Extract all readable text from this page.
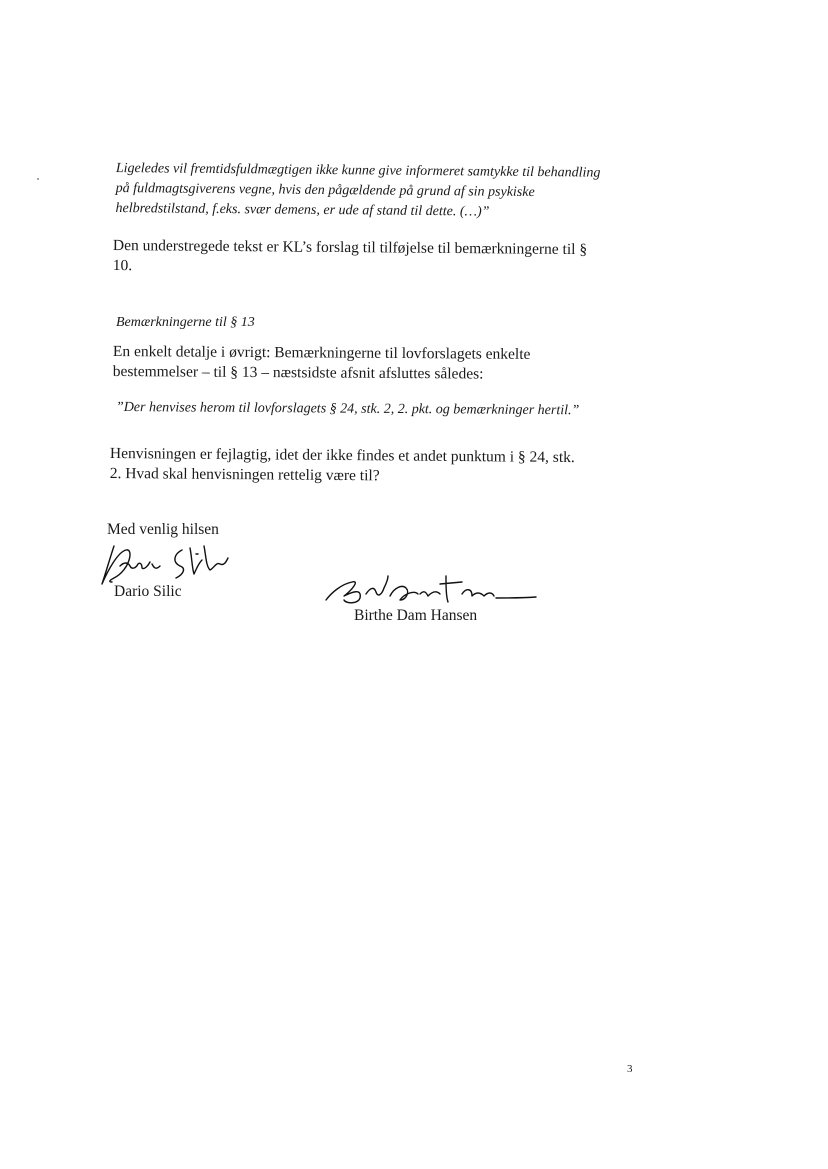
Ligeledes vil fremtidsfuldmægtigen ikke kunne give informeret samtykke til behandling
på fuldmagtsgiverens vegne, hvis den pågældende på grund af sin psykiske
helbredstilstand, f.eks. svær demens, er ude af stand til dette. (…)”
Den understregede tekst er KL’s forslag til tilføjelse til bemærkningerne til §
10.
Bemærkningerne til § 13
En enkelt detalje i øvrigt: Bemærkningerne til lovforslagets enkelte
bestemmelser – til § 13 – næstsidste afsnit afsluttes således:
”Der henvises herom til lovforslagets § 24, stk. 2, 2. pkt. og bemærkninger hertil.”
Henvisningen er fejlagtig, idet der ikke findes et andet punktum i § 24, stk.
2. Hvad skal henvisningen rettelig være til?
Med venlig hilsen
Dario Silic
Birthe Dam Hansen
3
